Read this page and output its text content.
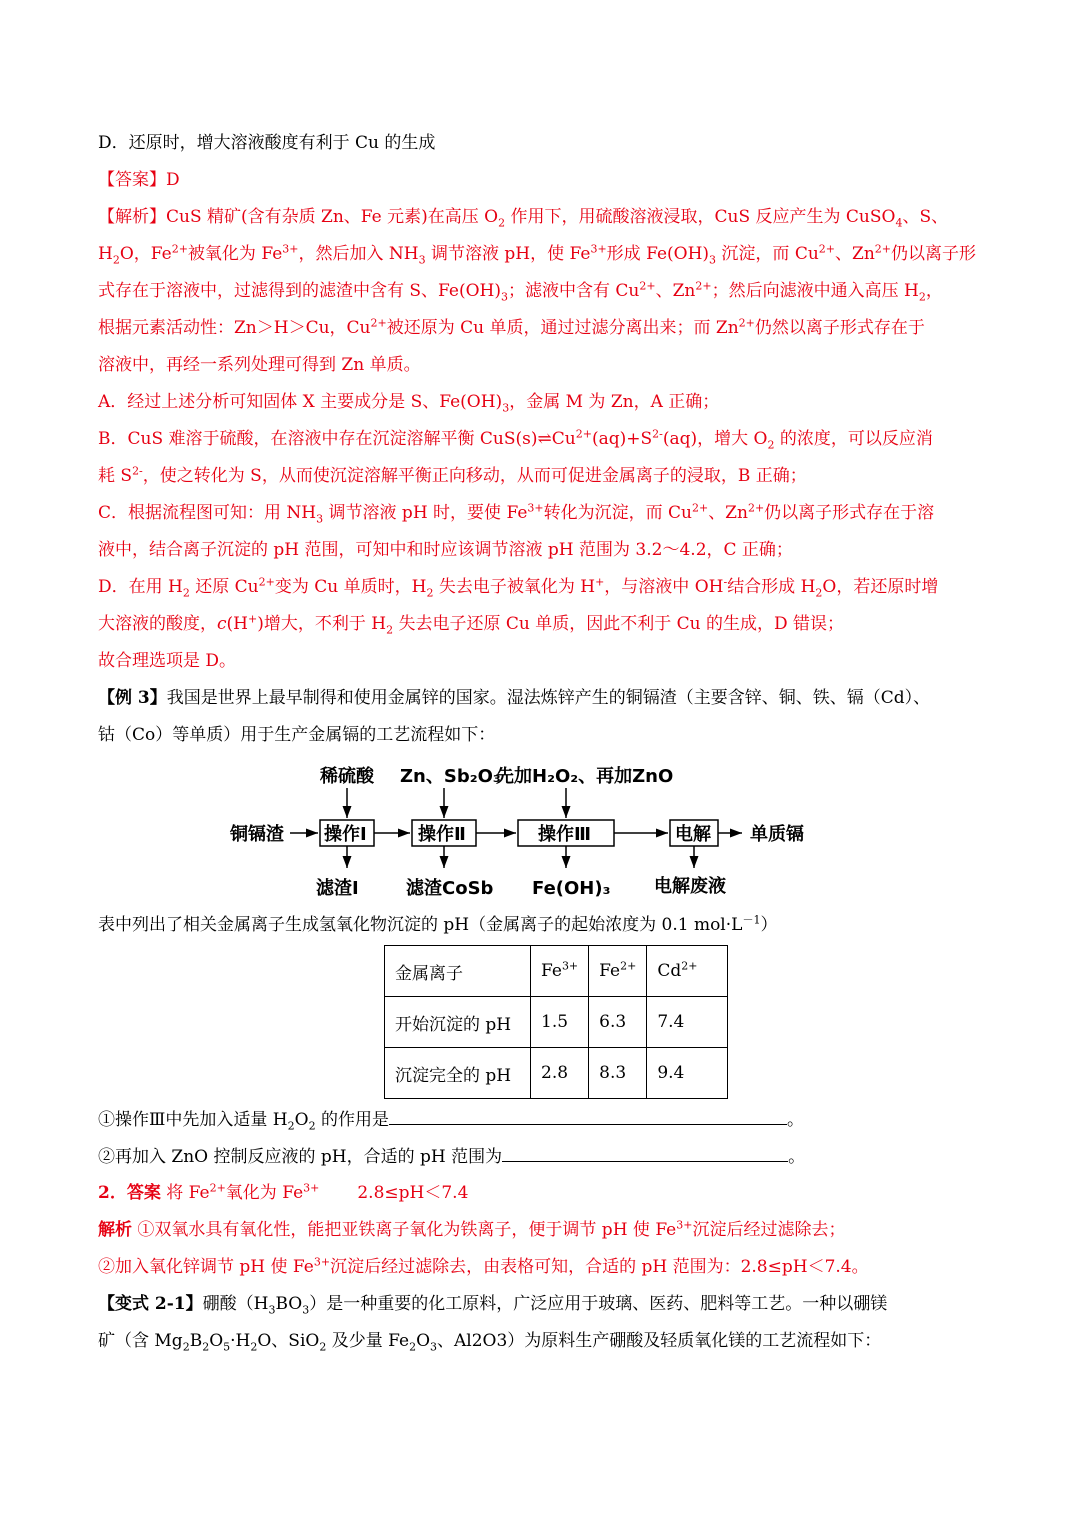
D．还原时，增大溶液酸度有利于 Cu 的生成
【答案】D
【解析】CuS 精矿(含有杂质 Zn、Fe 元素)在高压 $O_2$ 作用下，用硫酸溶液浸取，CuS 反应产生为 CuSO$_4$、S、
$H_2O$，$Fe^{2+}$被氧化为 $Fe^{3+}$，然后加入 $NH_3$ 调节溶液 pH，使 $Fe^{3+}$形成 $Fe(OH)_3$ 沉淀，而 $Cu^{2+}$、$Zn^{2+}$仍以离子形
式存在于溶液中，过滤得到的滤渣中含有 S、$Fe(OH)_3$；滤液中含有 $Cu^{2+}$、$Zn^{2+}$；然后向滤液中通入高压 $H_2$，
根据元素活动性：Zn＞H＞Cu，$Cu^{2+}$被还原为 Cu 单质，通过过滤分离出来；而 $Zn^{2+}$仍然以离子形式存在于
溶液中，再经一系列处理可得到 Zn 单质。
A．经过上述分析可知固体 X 主要成分是 S、$Fe(OH)_3$，金属 M 为 Zn，A 正确；
B．CuS 难溶于硫酸，在溶液中存在沉淀溶解平衡 $CuS(s)\rightleftharpoons Cu^{2+}(aq)+S^{2-}(aq)$，增大 $O_2$ 的浓度，可以反应消
耗 $S^{2-}$，使之转化为 S，从而使沉淀溶解平衡正向移动，从而可促进金属离子的浸取，B 正确；
C．根据流程图可知：用 $NH_3$ 调节溶液 pH 时，要使 $Fe^{3+}$转化为沉淀，而 $Cu^{2+}$、$Zn^{2+}$仍以离子形式存在于溶
液中，结合离子沉淀的 pH 范围，可知中和时应该调节溶液 pH 范围为 3.2～4.2，C 正确；
D．在用 $H_2$ 还原 $Cu^{2+}$变为 Cu 单质时，$H_2$ 失去电子被氧化为 H+，与溶液中 OH-结合形成 $H_2O$，若还原时增
大溶液的酸度，c(H+)增大，不利于 $H_2$ 失去电子还原 Cu 单质，因此不利于 Cu 的生成，D 错误；
故合理选项是 D。
【例 3】我国是世界上最早制得和使用金属锌的国家。湿法炼锌产生的铜镉渣（主要含锌、铜、铁、镉（Cd）、
钴（Co）等单质）用于生产金属镉的工艺流程如下：
稀硫酸 Zn、Sb₂O₃
先加H₂O₂、再加ZnO
铜镉渣 操作Ⅰ	操作Ⅱ	操作Ⅲ	电解 单质镉
滤渣Ⅰ	滤渣CoSb Fe(OH)₃ 电解废液
表中列出了相关金属离子生成氢氧化物沉淀的 pH（金属离子的起始浓度为 0.1 $mol\cdot L^{-1}$）
金属离子	$Fe^{3+}$	$Fe^{2+}$	$Cd^{2+}$
开始沉淀的 pH	1.5	6.3	7.4
沉淀完全的 pH	2.8	8.3	9.4
①操作Ⅲ中先加入适量 $H_2O_2$ 的作用是	。
②再加入 ZnO 控制反应液的 pH，合适的 pH 范围为	。
2．答案 将 $Fe^{2+}$氧化为 $Fe^{3+}$ 2.8≤pH＜7.4
解析 ①双氧水具有氧化性，能把亚铁离子氧化为铁离子，便于调节 pH 使 $Fe^{3+}$沉淀后经过滤除去；
②加入氧化锌调节 pH 使 $Fe^{3+}$沉淀后经过滤除去，由表格可知，合适的 pH 范围为：2.8≤pH＜7.4。
【变式 2-1】硼酸$(H_3BO_3)$是一种重要的化工原料，广泛应用于玻璃、医药、肥料等工艺。一种以硼镁
矿（含 $Mg_2B_2O_5\cdot H_2O$、SiO$_2$ 及少量 $Fe_2O_3$、Al2O3）为原料生产硼酸及轻质氧化镁的工艺流程如下：
